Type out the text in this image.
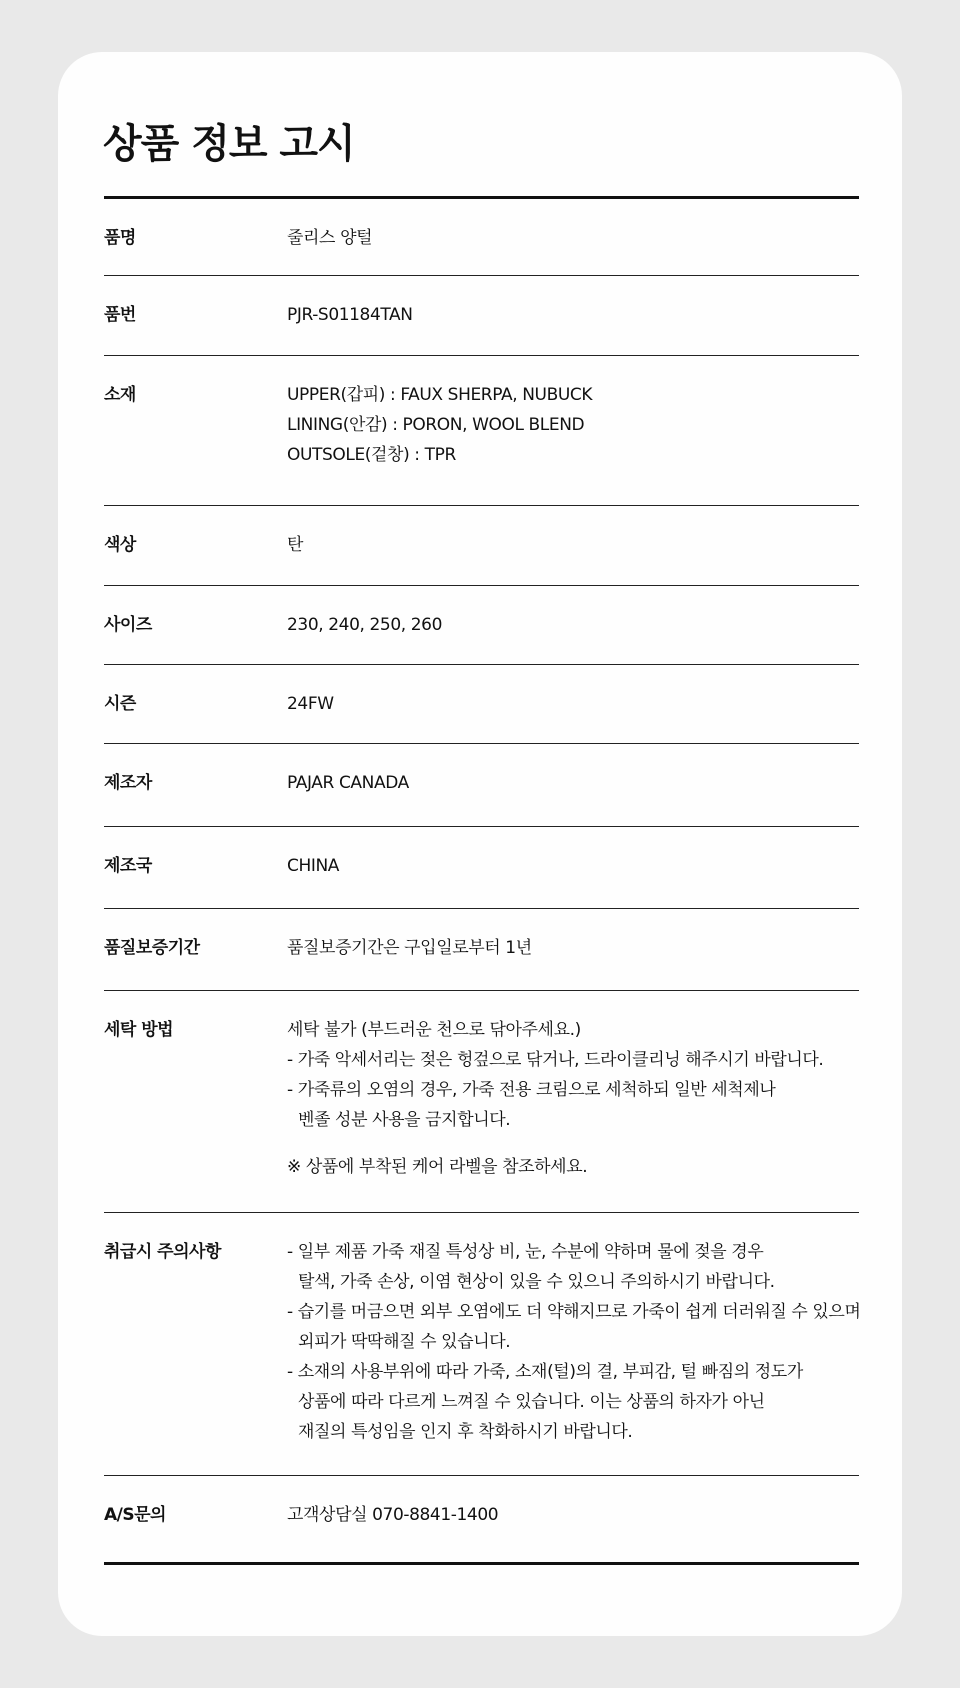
상품 정보 고시
품명	줄리스 양털
품번	PJR-S01184TAN
소재	UPPER(갑피) : FAUX SHERPA, NUBUCK
LINING(안감) : PORON, WOOL BLEND
OUTSOLE(겉창) : TPR
색상	탄
사이즈	230, 240, 250, 260
시즌	24FW
제조자	PAJAR CANADA
제조국	CHINA
품질보증기간	품질보증기간은 구입일로부터 1년
세탁 방법	세탁 불가 (부드러운 천으로 닦아주세요.)
- 가죽 악세서리는 젖은 헝겊으로 닦거나, 드라이클리닝 해주시기 바랍니다.
- 가죽류의 오염의 경우, 가죽 전용 크림으로 세척하되 일반 세척제나
벤졸 성분 사용을 금지합니다.
※ 상품에 부착된 케어 라벨을 참조하세요.
취급시 주의사항	- 일부 제품 가죽 재질 특성상 비, 눈, 수분에 약하며 물에 젖을 경우
탈색, 가죽 손상, 이염 현상이 있을 수 있으니 주의하시기 바랍니다.
- 습기를 머금으면 외부 오염에도 더 약해지므로 가죽이 쉽게 더러워질 수 있으며
외피가 딱딱해질 수 있습니다.
- 소재의 사용부위에 따라 가죽, 소재(털)의 결, 부피감, 털 빠짐의 정도가
상품에 따라 다르게 느껴질 수 있습니다. 이는 상품의 하자가 아닌
재질의 특성임을 인지 후 착화하시기 바랍니다.
A/S문의	고객상담실 070-8841-1400
